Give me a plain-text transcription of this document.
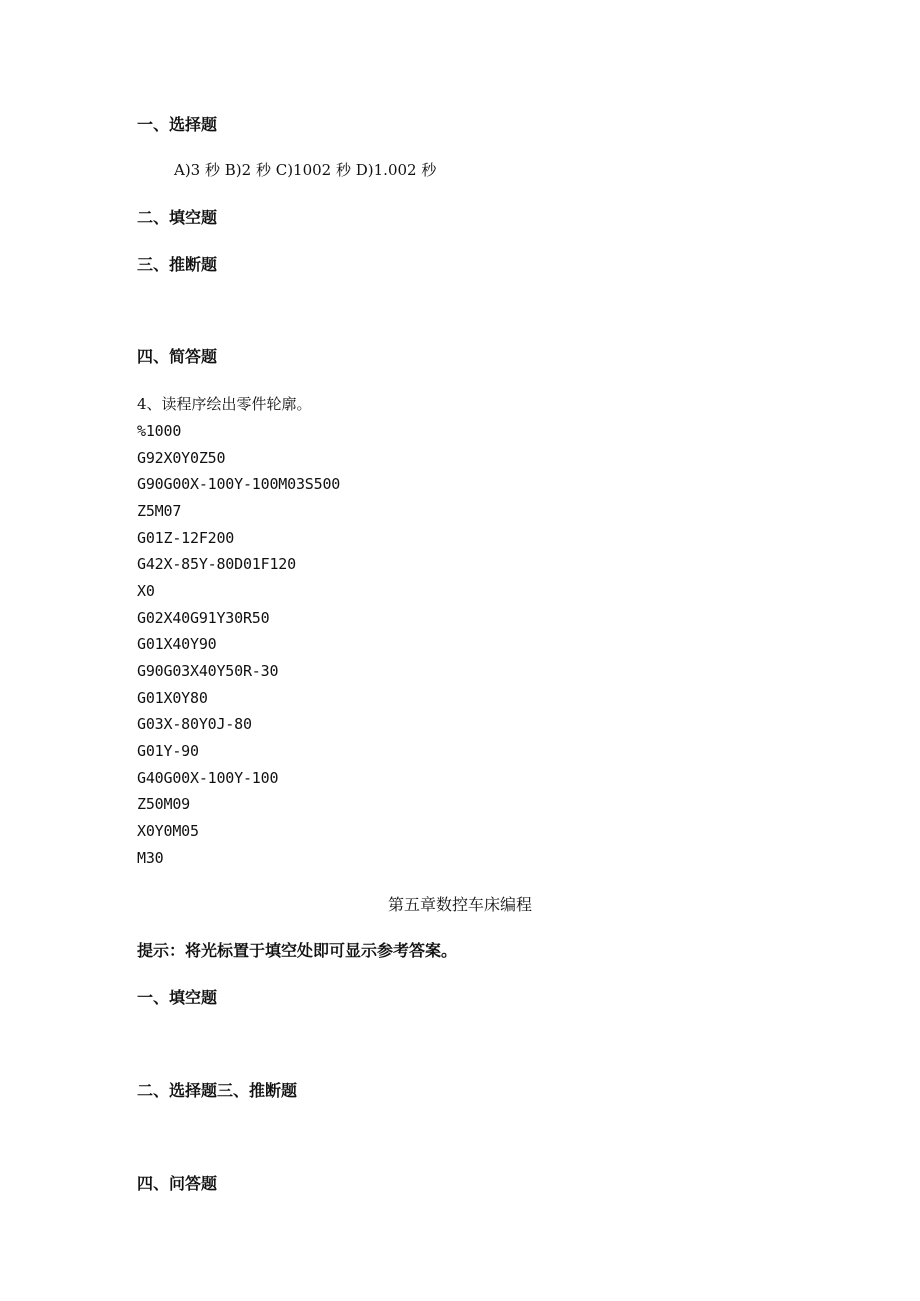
一、选择题
A)3 秒 B)2 秒 C)1002 秒 D)1.002 秒
二、填空题
三、推断题
四、简答题
4、读程序绘出零件轮廓。
%1000
G92X0Y0Z50
G90G00X-100Y-100M03S500
Z5M07
G01Z-12F200
G42X-85Y-80D01F120
X0
G02X40G91Y30R50
G01X40Y90
G90G03X40Y50R-30
G01X0Y80
G03X-80Y0J-80
G01Y-90
G40G00X-100Y-100
Z50M09
X0Y0M05
M30
第五章数控车床编程
提示：将光标置于填空处即可显示参考答案。
一、填空题
二、选择题三、推断题
四、问答题
